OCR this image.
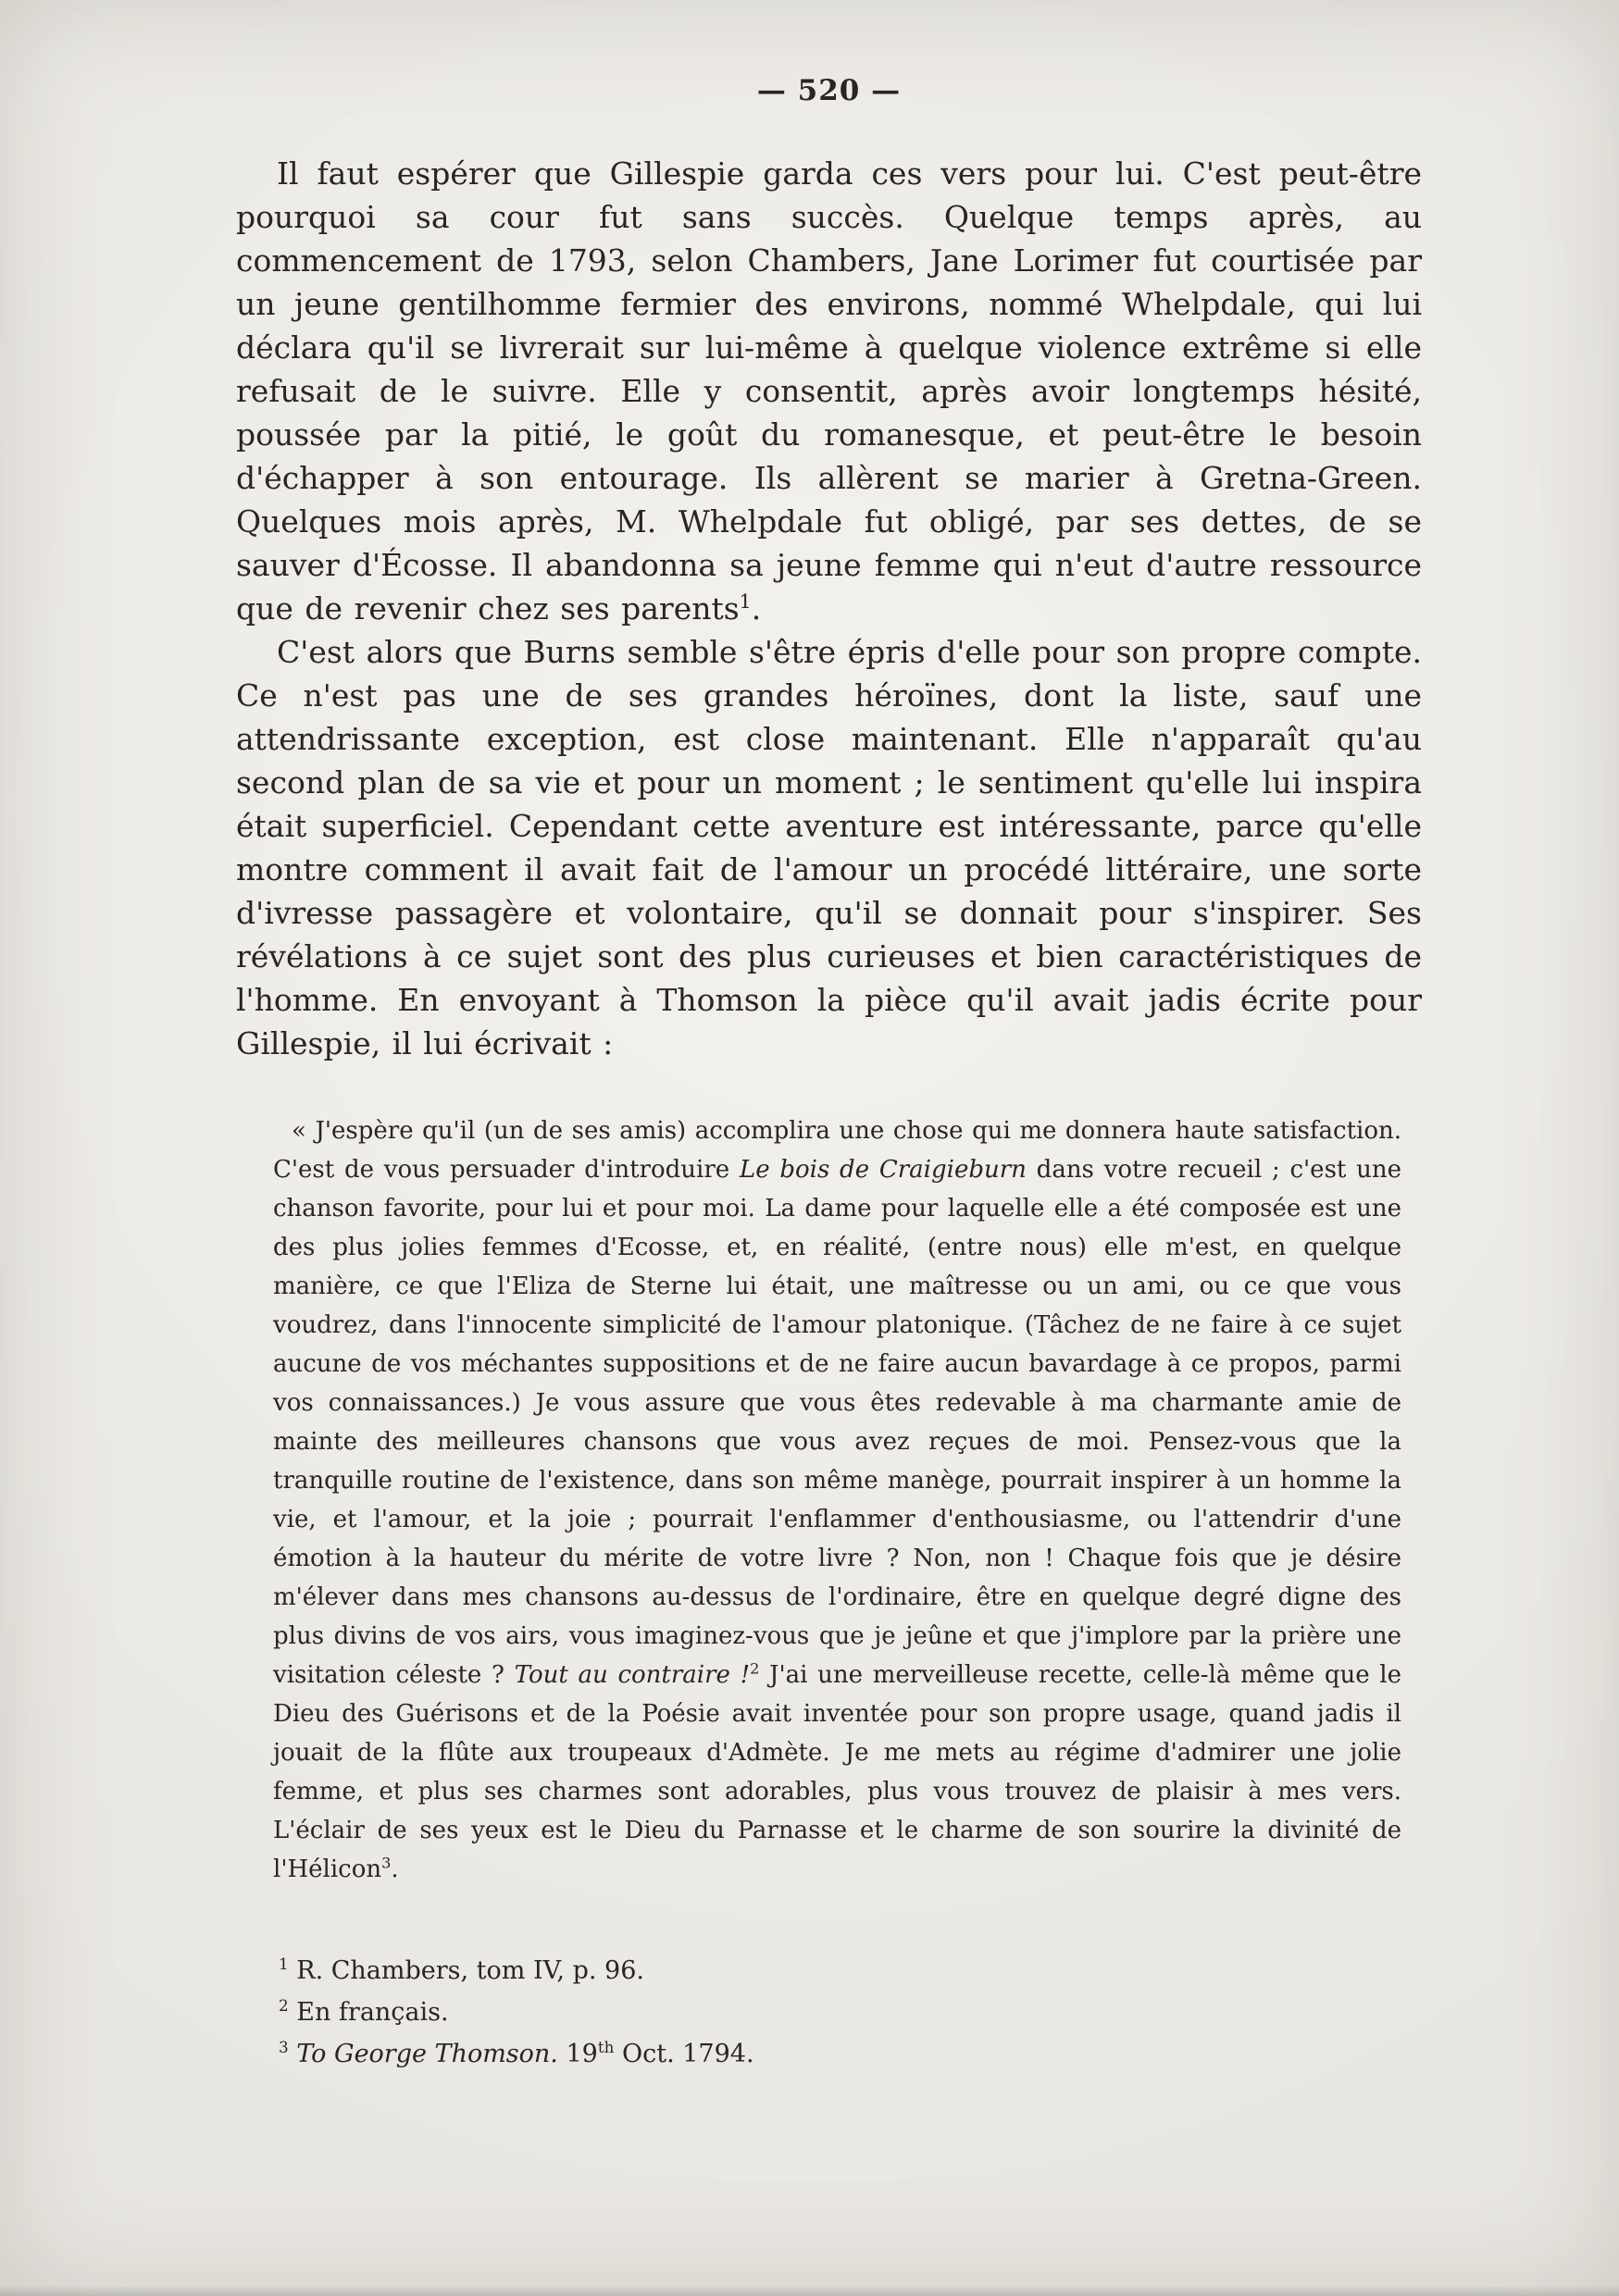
— 520 —

Il faut espérer que Gillespie garda ces vers pour lui. C'est peut-être pourquoi sa cour fut sans succès. Quelque temps après, au commencement de 1793, selon Chambers, Jane Lorimer fut courtisée par un jeune gentilhomme fermier des environs, nommé Whelpdale, qui lui déclara qu'il se livrerait sur lui-même à quelque violence extrême si elle refusait de le suivre. Elle y consentit, après avoir longtemps hésité, poussée par la pitié, le goût du romanesque, et peut-être le besoin d'échapper à son entourage. Ils allèrent se marier à Gretna-Green. Quelques mois après, M. Whelpdale fut obligé, par ses dettes, de se sauver d'Écosse. Il abandonna sa jeune femme qui n'eut d'autre ressource que de revenir chez ses parents$^1$.

C'est alors que Burns semble s'être épris d'elle pour son propre compte. Ce n'est pas une de ses grandes héroïnes, dont la liste, sauf une attendrissante exception, est close maintenant. Elle n'apparaît qu'au second plan de sa vie et pour un moment ; le sentiment qu'elle lui inspira était superficiel. Cependant cette aventure est intéressante, parce qu'elle montre comment il avait fait de l'amour un procédé littéraire, une sorte d'ivresse passagère et volontaire, qu'il se donnait pour s'inspirer. Ses révélations à ce sujet sont des plus curieuses et bien caractéristiques de l'homme. En envoyant à Thomson la pièce qu'il avait jadis écrite pour Gillespie, il lui écrivait :

« J'espère qu'il (un de ses amis) accomplira une chose qui me donnera haute satisfaction. C'est de vous persuader d'introduire Le bois de Craigieburn dans votre recueil ; c'est une chanson favorite, pour lui et pour moi. La dame pour laquelle elle a été composée est une des plus jolies femmes d'Ecosse, et, en réalité, (entre nous) elle m'est, en quelque manière, ce que l'Eliza de Sterne lui était, une maîtresse ou un ami, ou ce que vous voudrez, dans l'innocente simplicité de l'amour platonique. (Tâchez de ne faire à ce sujet aucune de vos méchantes suppositions et de ne faire aucun bavardage à ce propos, parmi vos connaissances.) Je vous assure que vous êtes redevable à ma charmante amie de mainte des meilleures chansons que vous avez reçues de moi. Pensez-vous que la tranquille routine de l'existence, dans son même manège, pourrait inspirer à un homme la vie, et l'amour, et la joie ; pourrait l'enflammer d'enthousiasme, ou l'attendrir d'une émotion à la hauteur du mérite de votre livre ? Non, non ! Chaque fois que je désire m'élever dans mes chansons au-dessus de l'ordinaire, être en quelque degré digne des plus divins de vos airs, vous imaginez-vous que je jeûne et que j'implore par la prière une visitation céleste ? Tout au contraire !$^2$ J'ai une merveilleuse recette, celle-là même que le Dieu des Guérisons et de la Poésie avait inventée pour son propre usage, quand jadis il jouait de la flûte aux troupeaux d'Admète. Je me mets au régime d'admirer une jolie femme, et plus ses charmes sont adorables, plus vous trouvez de plaisir à mes vers. L'éclair de ses yeux est le Dieu du Parnasse et le charme de son sourire la divinité de l'Hélicon$^3$.

$^1$ R. Chambers, tom IV, p. 96.

$^2$ En français.

$^3$ To George Thomson. 19th Oct. 1794.
